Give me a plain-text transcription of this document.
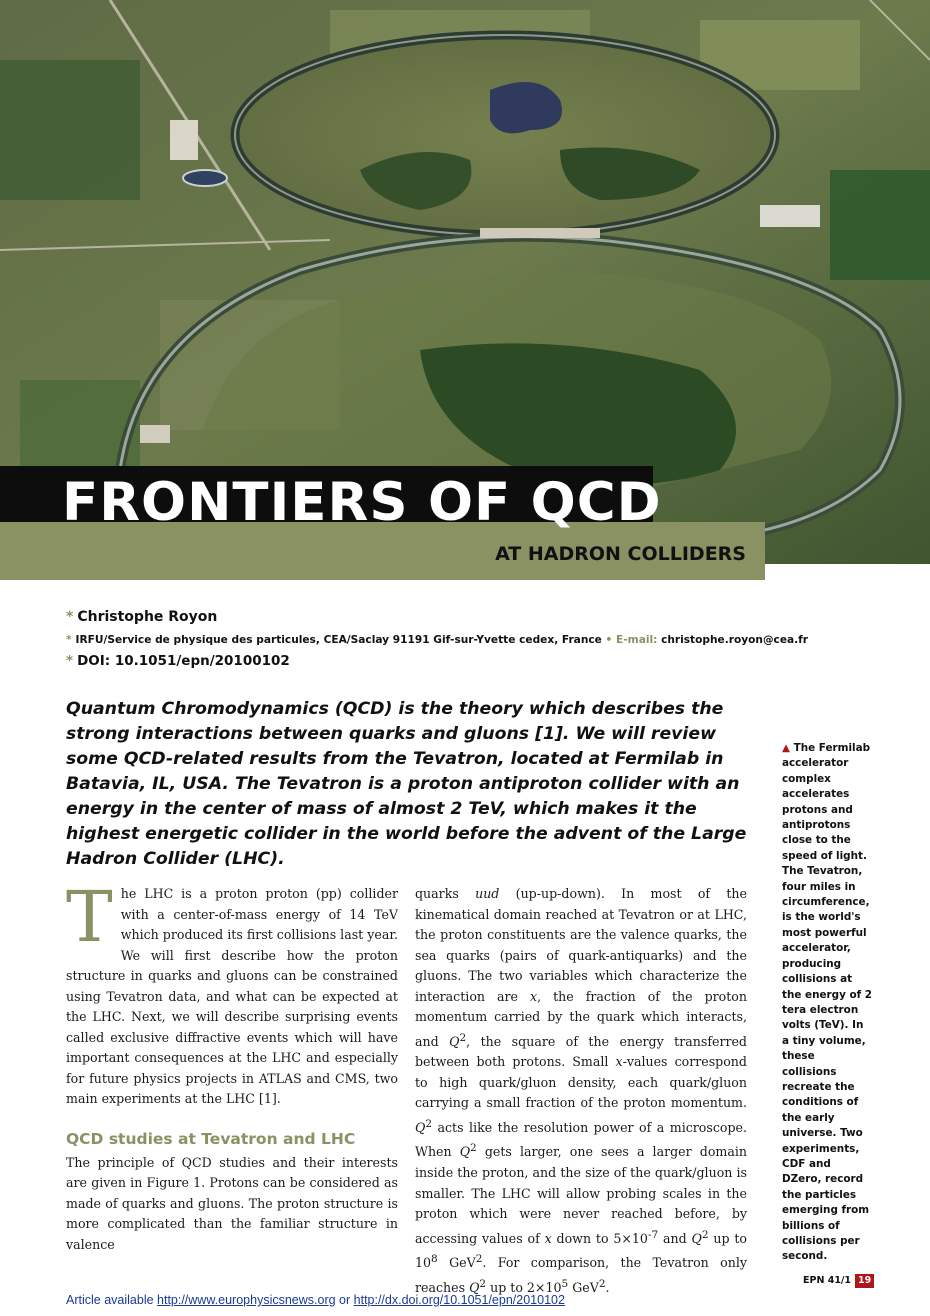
FRONTIERS OF QCD
AT HADRON COLLIDERS
* Christophe Royon
* IRFU/Service de physique des particules, CEA/Saclay 91191 Gif-sur-Yvette cedex, France • E-mail: christophe.royon@cea.fr
* DOI: 10.1051/epn/20100102

Quantum Chromodynamics (QCD) is the theory which describes the strong interactions between quarks and gluons [1]. We will review some QCD-related results from the Tevatron, located at Fermilab in Batavia, IL, USA. The Tevatron is a proton antiproton collider with an energy in the center of mass of almost 2 TeV, which makes it the highest energetic collider in the world before the advent of the Large Hadron Collider (LHC).

▲ The Fermilab accelerator complex accelerates protons and antiprotons close to the speed of light. The Tevatron, four miles in circumference, is the world's most powerful accelerator, producing collisions at the energy of 2 tera electron volts (TeV). In a tiny volume, these collisions recreate the conditions of the early universe. Two experiments, CDF and DZero, record the particles emerging from billions of collisions per second.

The LHC is a proton proton (pp) collider with a center-of-mass energy of 14 TeV which produced its first collisions last year. We will first describe how the proton structure in quarks and gluons can be constrained using Tevatron data, and what can be expected at the LHC. Next, we will describe surprising events called exclusive diffractive events which will have important consequences at the LHC and especially for future physics projects in ATLAS and CMS, two main experiments at the LHC [1].

QCD studies at Tevatron and LHC

The principle of QCD studies and their interests are given in Figure 1. Protons can be considered as made of quarks and gluons. The proton structure is more complicated than the familiar structure in valence

quarks uud (up-up-down). In most of the kinematical domain reached at Tevatron or at LHC, the proton constituents are the valence quarks, the sea quarks (pairs of quark-antiquarks) and the gluons. The two variables which characterize the interaction are x, the fraction of the proton momentum carried by the quark which interacts, and $Q^2$, the square of the energy transferred between both protons. Small x-values correspond to high quark/gluon density, each quark/gluon carrying a small fraction of the proton momentum. $Q^2$ acts like the resolution power of a microscope. When $Q^2$ gets larger, one sees a larger domain inside the proton, and the size of the quark/gluon is smaller. The LHC will allow probing scales in the proton which were never reached before, by accessing values of x down to $5\times 10^{-7}$ and $Q^2$ up to $10^8$ GeV$^2$. For comparison, the Tevatron only reaches $Q^2$ up to $2\times 10^5$ GeV$^2$.	EPN 41/1 19
Article available http://www.europhysicsnews.org or http://dx.doi.org/10.1051/epn/2010102
